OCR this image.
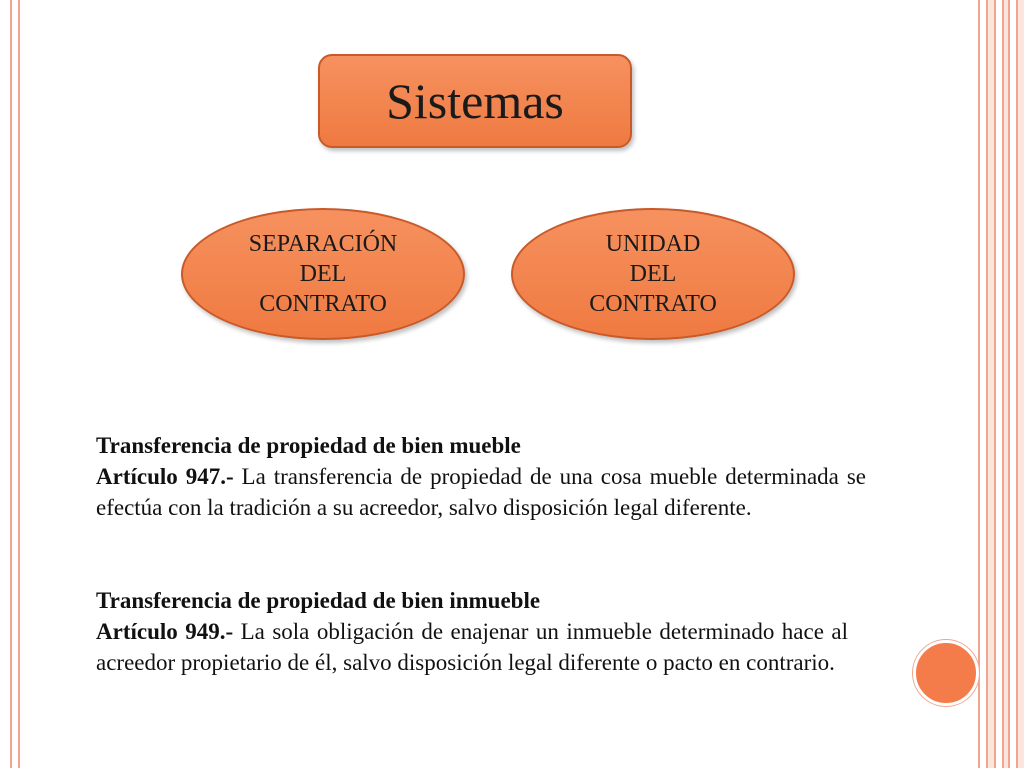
Sistemas
SEPARACIÓN
DEL
CONTRATO
UNIDAD
DEL
CONTRATO
Transferencia de propiedad de bien mueble
Artículo 947.- La transferencia de propiedad de una cosa mueble determinada se efectúa con la tradición a su acreedor, salvo disposición legal diferente.
Transferencia de propiedad de bien inmueble
Artículo 949.- La sola obligación de enajenar un inmueble determinado hace al acreedor propietario de él, salvo disposición legal diferente o pacto en contrario.
